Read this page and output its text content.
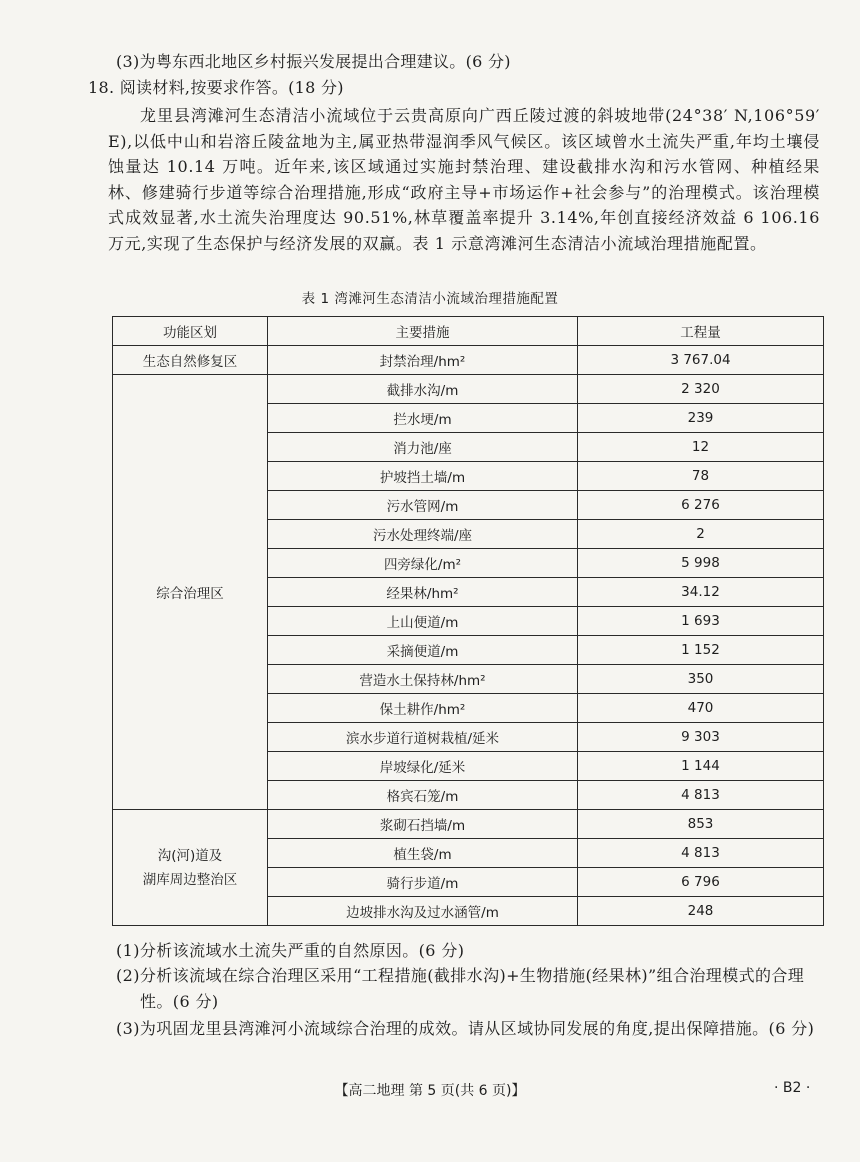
(3)为粤东西北地区乡村振兴发展提出合理建议。(6 分)
18. 阅读材料,按要求作答。(18 分)

龙里县湾滩河生态清洁小流域位于云贵高原向广西丘陵过渡的斜坡地带(24°38′ N,106°59′ E),以低中山和岩溶丘陵盆地为主,属亚热带湿润季风气候区。该区域曾水土流失严重,年均土壤侵蚀量达 10.14 万吨。近年来,该区域通过实施封禁治理、建设截排水沟和污水管网、种植经果林、修建骑行步道等综合治理措施,形成“政府主导+市场运作+社会参与”的治理模式。该治理模式成效显著,水土流失治理度达 90.51%,林草覆盖率提升 3.14%,年创直接经济效益 6 106.16 万元,实现了生态保护与经济发展的双赢。表 1 示意湾滩河生态清洁小流域治理措施配置。

表 1 湾滩河生态清洁小流域治理措施配置
功能区划	主要措施	工程量
生态自然修复区	封禁治理/hm²	3 767.04
综合治理区	截排水沟/m	2 320
	拦水埂/m	239
	消力池/座	12
	护坡挡土墙/m	78
	污水管网/m	6 276
	污水处理终端/座	2
	四旁绿化/m²	5 998
	经果林/hm²	34.12
	上山便道/m	1 693
	采摘便道/m	1 152
	营造水土保持林/hm²	350
	保土耕作/hm²	470
	滨水步道行道树栽植/延米	9 303
	岸坡绿化/延米	1 144
	格宾石笼/m	4 813
沟(河)道及
湖库周边整治区	浆砌石挡墙/m	853
	植生袋/m	4 813
	骑行步道/m	6 796
	边坡排水沟及过水涵管/m	248
(1)分析该流域水土流失严重的自然原因。(6 分)
(2)分析该流域在综合治理区采用“工程措施(截排水沟)+生物措施(经果林)”组合治理模式的合理性。(6 分)
(3)为巩固龙里县湾滩河小流域综合治理的成效。请从区域协同发展的角度,提出保障措施。(6 分)
【高二地理 第 5 页(共 6 页)】	· B2 ·
